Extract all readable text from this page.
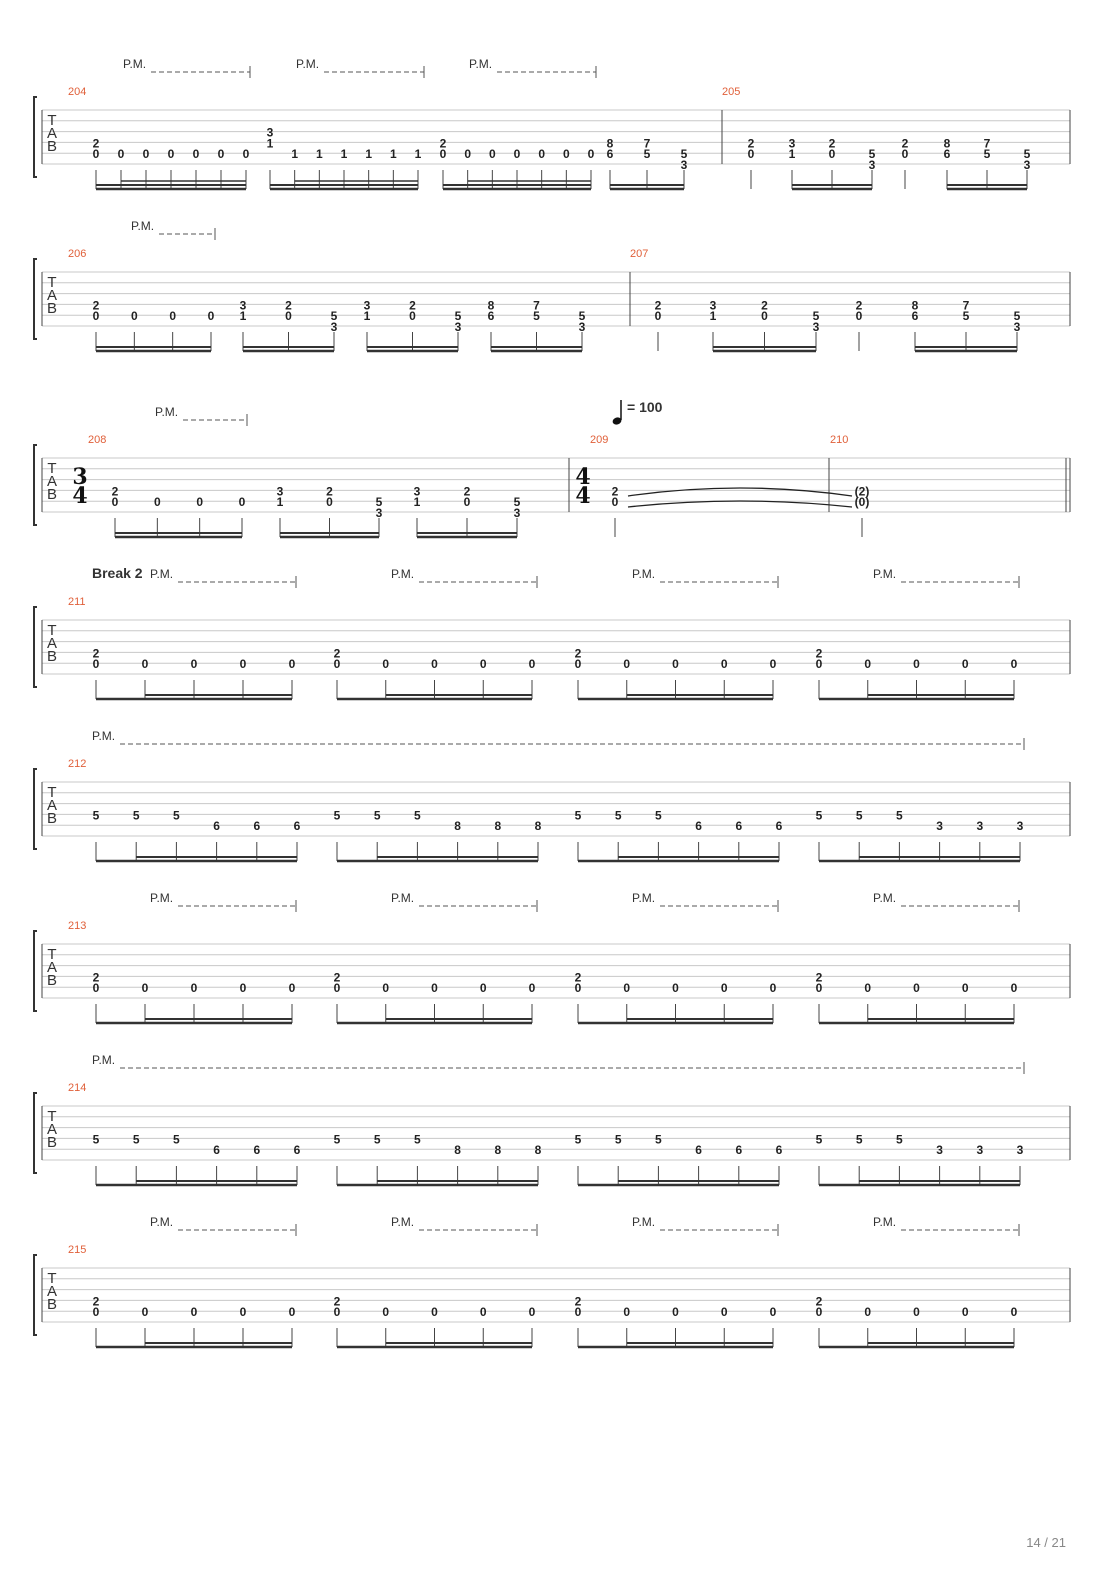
T
A
B
204	205
P.M.	P.M.	P.M.
2
0 0 0 0 0 0 0
3
1
1 1 1 1 1 1
2
0 0 0 0 0 0 0
8
6
7
5	5
3
2
0
3
1
2
0	5
3
2
0
8
6
7
5	5
3
T
A
B
206	207
P.M.
2
0	0	0	0
3
1
2
0	5
3
3
1
2
0	5
3
8
6
7
5	5
3
2
0
3
1
2
0	5
3
2
0
8
6
7
5	5
3
T
A
B
208	209	210
P.M.
2
0	0	0	0
3
1
2
0	5
3
3
1
2
0	5
3
2
0
(2)
(0)
T
A
B
211
P.M.	P.M.	P.M.	P.M.
2
0	0	0	0	0
2
0	0	0	0	0
2
0	0	0	0	0
2
0	0	0	0	0
T
A
B
212
P.M.
5	5	5
6	6	6
5	5	5
8	8	8
5	5	5
6	6	6
5	5	5
3	3	3
T
A
B
213
P.M.	P.M.	P.M.	P.M.
2
0	0	0	0	0
2
0	0	0	0	0
2
0	0	0	0	0
2
0	0	0	0	0
T
A
B
214
P.M.
5	5	5
6	6	6
5	5	5
8	8	8
5	5	5
6	6	6
5	5	5
3	3	3
T
A
B
215
P.M.	P.M.	P.M.	P.M.
2
0	0	0	0	0
2
0	0	0	0	0
2
0	0	0	0	0
2
0	0	0	0	0
3
4
4
4
Break 2
= 100
14 / 21
